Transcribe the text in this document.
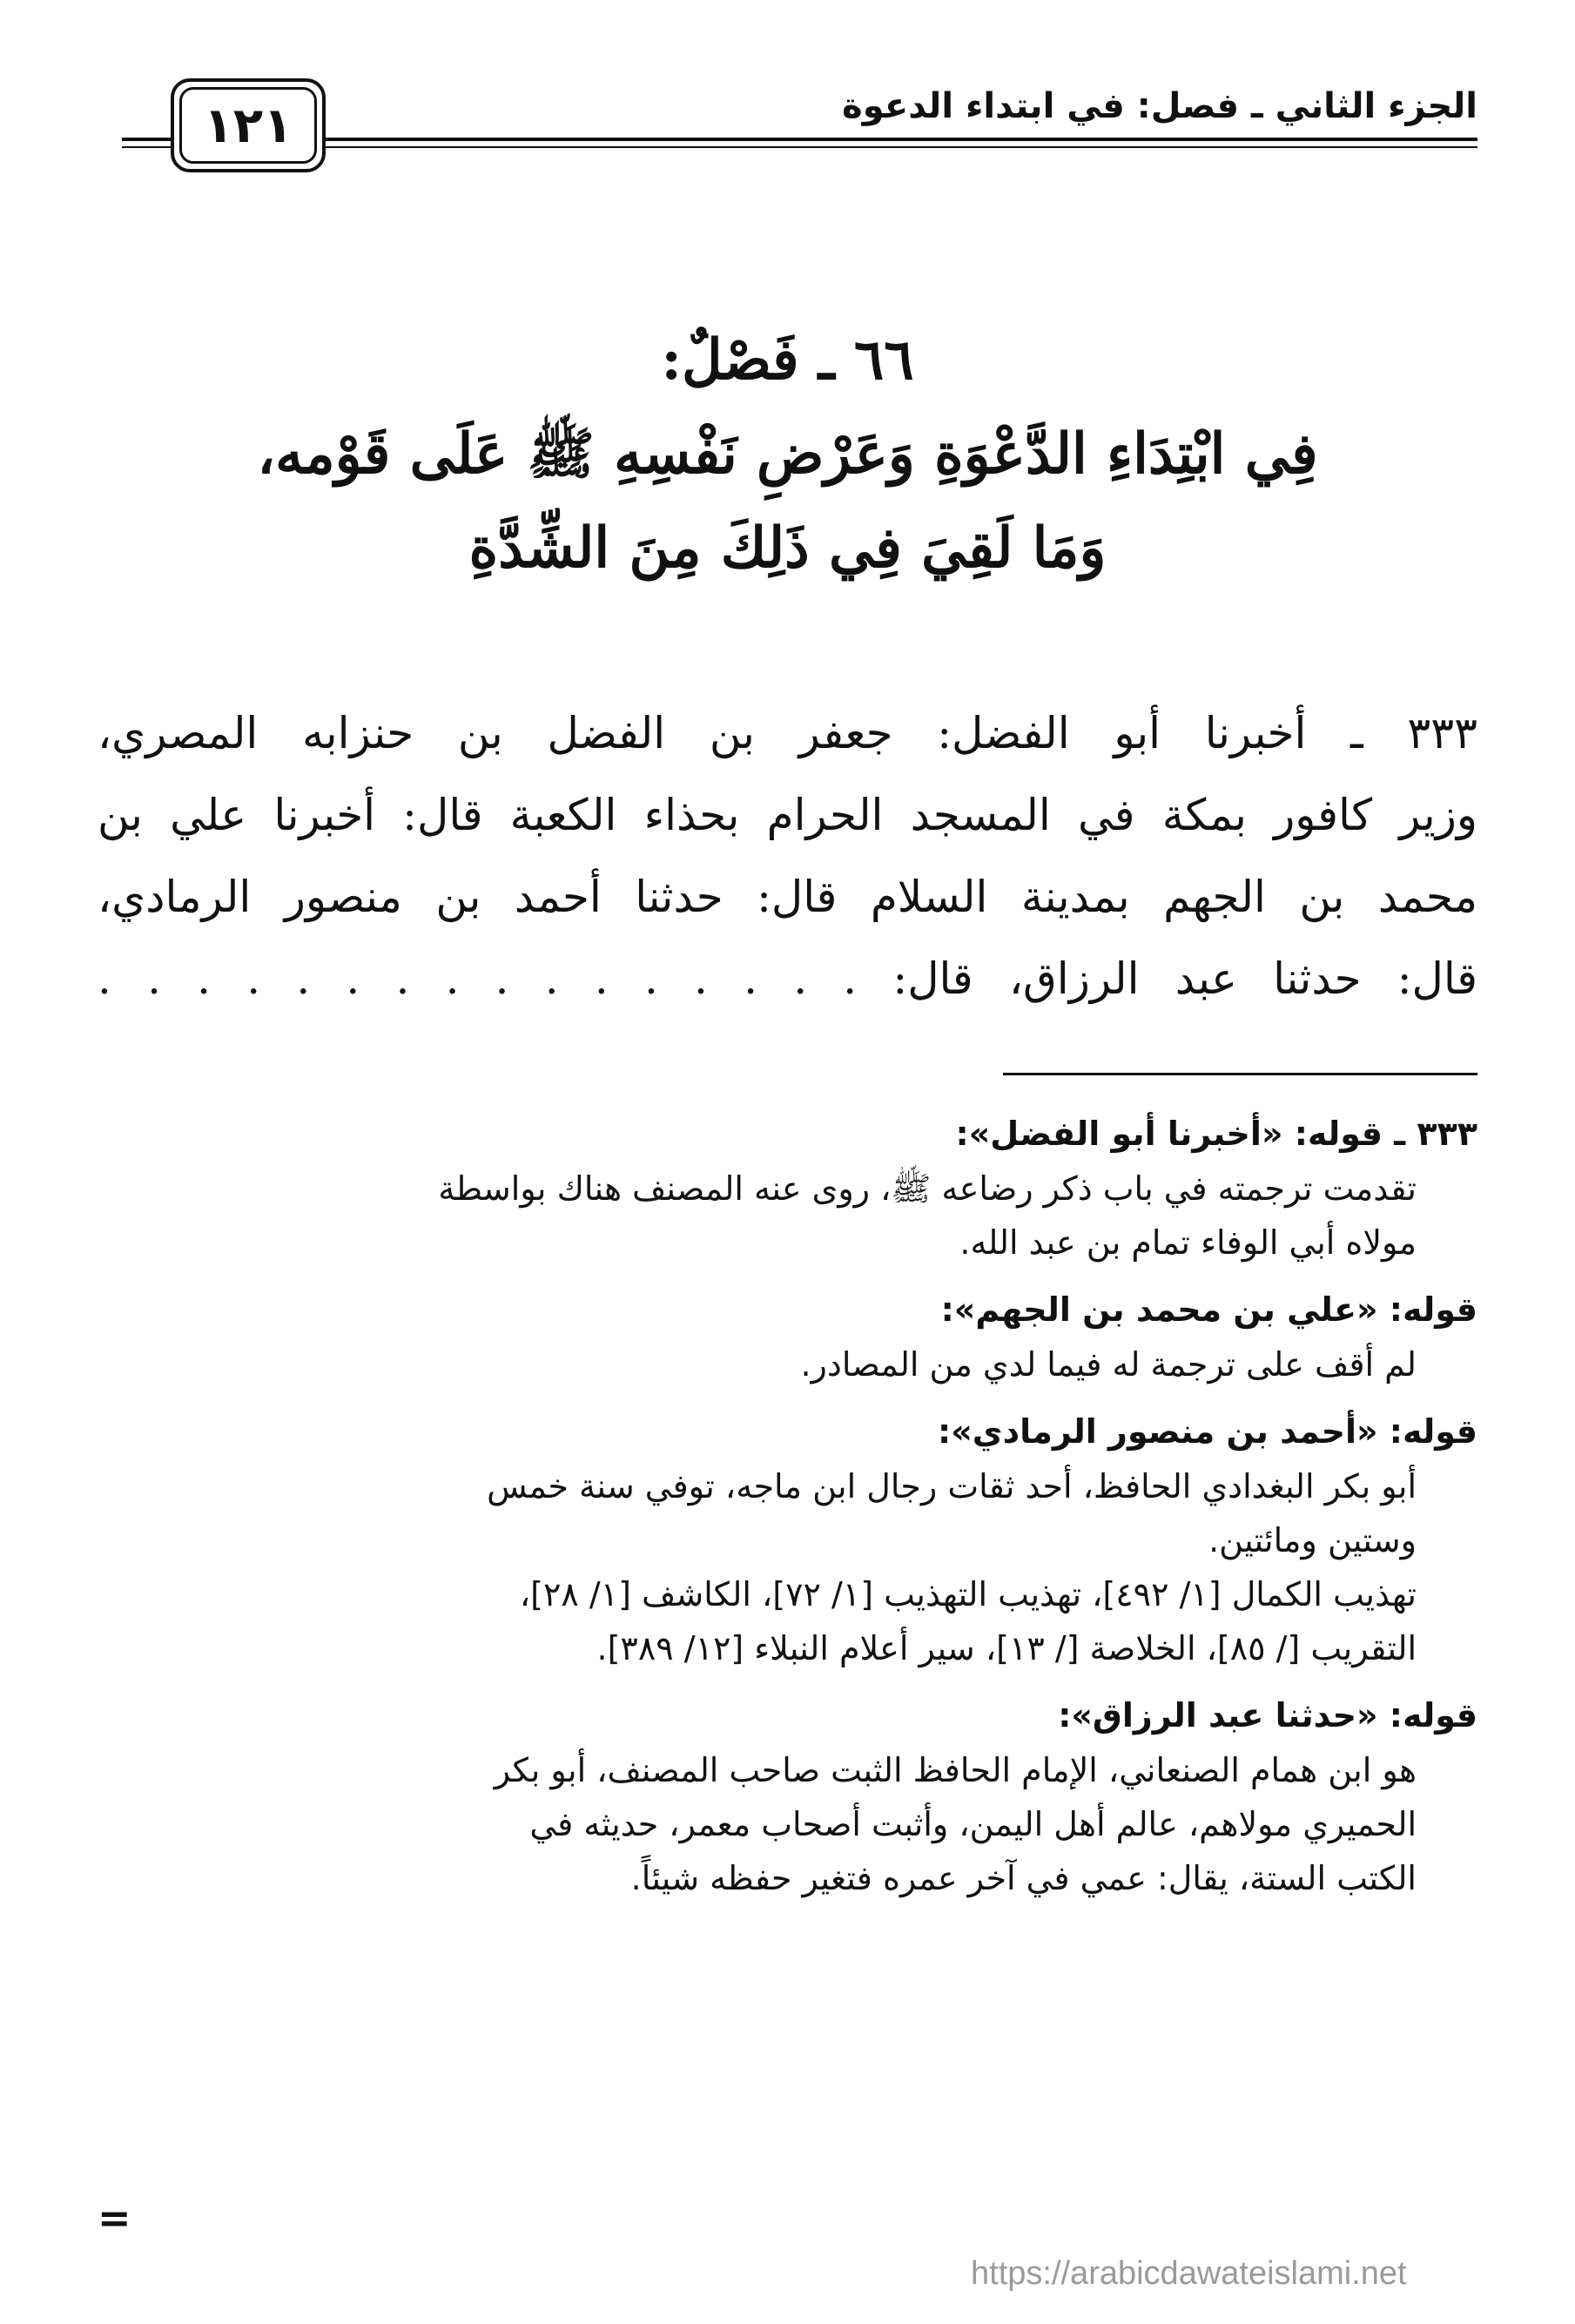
الجزء الثاني ـ فصل: في ابتداء الدعوة
١٢١
٦٦ ـ فَصْلٌ:
فِي ابْتِدَاءِ الدَّعْوَةِ وَعَرْضِ نَفْسِهِ ﷺ عَلَى قَوْمه،
وَمَا لَقِيَ فِي ذَلِكَ مِنَ الشِّدَّةِ
٣٣٣ ـ أخبرنا أبو الفضل: جعفر بن الفضل بن حنزابه المصري،
وزير كافور بمكة في المسجد الحرام بحذاء الكعبة قال: أخبرنا علي بن
محمد بن الجهم بمدينة السلام قال: حدثنا أحمد بن منصور الرمادي،
قال: حدثنا عبد الرزاق، قال: . . . . . . . . . . . . . . . .
٣٣٣ ـ قوله: «أخبرنا أبو الفضل»:
تقدمت ترجمته في باب ذكر رضاعه ﷺ، روى عنه المصنف هناك بواسطة
مولاه أبي الوفاء تمام بن عبد الله.
قوله: «علي بن محمد بن الجهم»:
لم أقف على ترجمة له فيما لدي من المصادر.
قوله: «أحمد بن منصور الرمادي»:
أبو بكر البغدادي الحافظ، أحد ثقات رجال ابن ماجه، توفي سنة خمس
وستين ومائتين.
تهذيب الكمال [١/ ٤٩٢]، تهذيب التهذيب [١/ ٧٢]، الكاشف [١/ ٢٨]،
التقريب [/ ٨٥]، الخلاصة [/ ١٣]، سير أعلام النبلاء [١٢/ ٣٨٩].
قوله: «حدثنا عبد الرزاق»:
هو ابن همام الصنعاني، الإمام الحافظ الثبت صاحب المصنف، أبو بكر
الحميري مولاهم، عالم أهل اليمن، وأثبت أصحاب معمر، حديثه في
الكتب الستة، يقال: عمي في آخر عمره فتغير حفظه شيئاً.
=
https://arabicdawateislami.net
